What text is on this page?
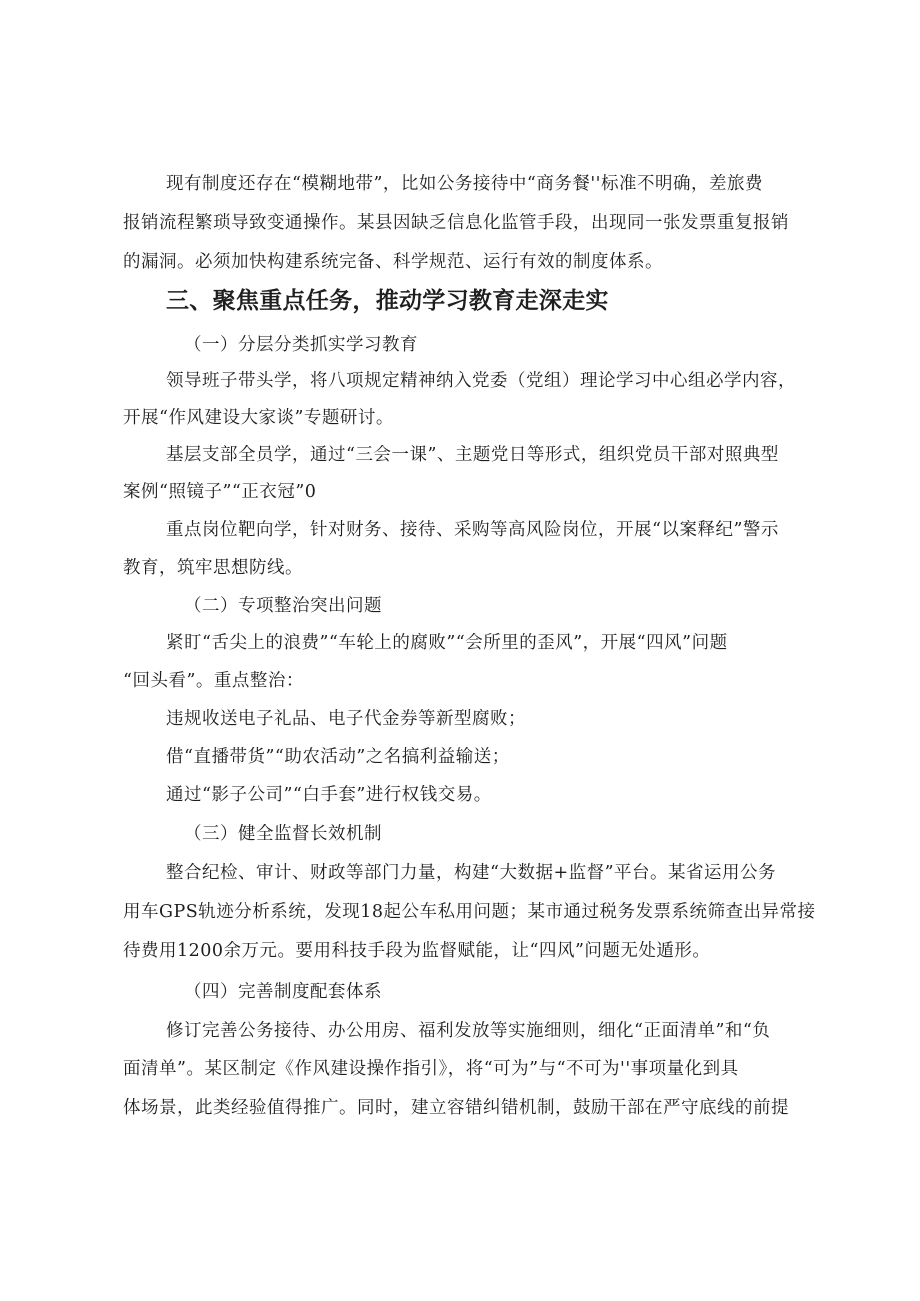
现有制度还存在“模糊地带”，比如公务接待中“商务餐''标准不明确，差旅费
报销流程繁琐导致变通操作。某县因缺乏信息化监管手段，出现同一张发票重复报销
的漏洞。必须加快构建系统完备、科学规范、运行有效的制度体系。
三、聚焦重点任务，推动学习教育走深走实
（一）分层分类抓实学习教育
领导班子带头学，将八项规定精神纳入党委（党组）理论学习中心组必学内容，
开展“作风建设大家谈”专题研讨。
基层支部全员学，通过“三会一课”、主题党日等形式，组织党员干部对照典型
案例“照镜子”“正衣冠”0
重点岗位靶向学，针对财务、接待、采购等高风险岗位，开展“以案释纪”警示
教育，筑牢思想防线。
（二）专项整治突出问题
紧盯“舌尖上的浪费”“车轮上的腐败”“会所里的歪风”，开展“四风”问题
“回头看”。重点整治：
违规收送电子礼品、电子代金券等新型腐败；
借“直播带货”“助农活动”之名搞利益输送；
通过“影子公司”“白手套”进行权钱交易。
（三）健全监督长效机制
整合纪检、审计、财政等部门力量，构建“大数据+监督”平台。某省运用公务
用车GPS轨迹分析系统，发现18起公车私用问题；某市通过税务发票系统筛查出异常接
待费用1200余万元。要用科技手段为监督赋能，让“四风”问题无处遁形。
（四）完善制度配套体系
修订完善公务接待、办公用房、福利发放等实施细则，细化“正面清单”和“负
面清单”。某区制定《作风建设操作指引》，将“可为”与“不可为''事项量化到具
体场景，此类经验值得推广。同时，建立容错纠错机制，鼓励干部在严守底线的前提
